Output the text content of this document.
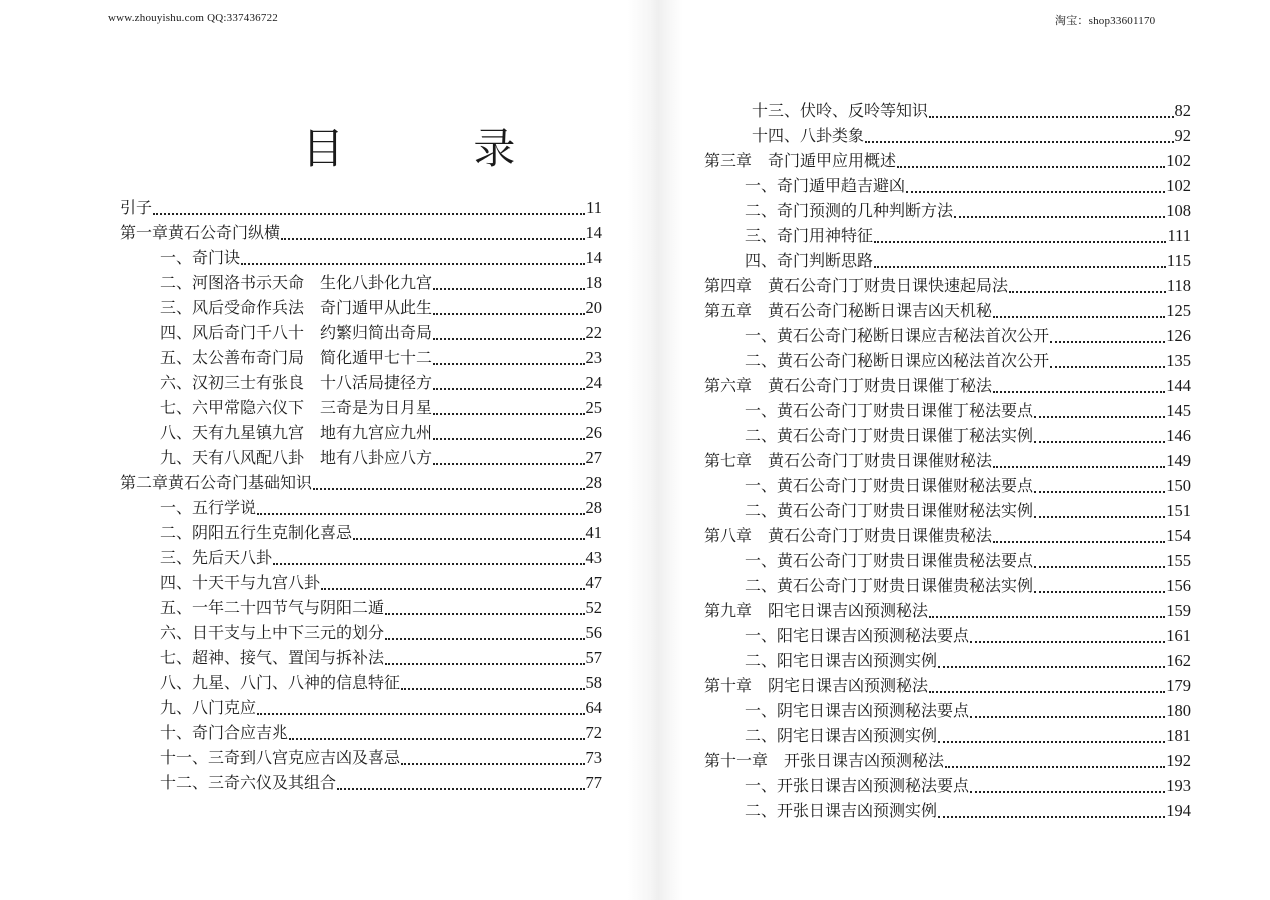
www.zhouyishu.com QQ:337436722	淘宝：shop33601170
目 录
引子	11
第一章黄石公奇门纵横	14
一、奇门诀	14
二、河图洛书示天命　生化八卦化九宫	18
三、风后受命作兵法　奇门遁甲从此生	20
四、风后奇门千八十　约繁归简出奇局	22
五、太公善布奇门局　简化遁甲七十二	23
六、汉初三士有张良　十八活局捷径方	24
七、六甲常隐六仪下　三奇是为日月星	25
八、天有九星镇九宫　地有九宫应九州	26
九、天有八风配八卦　地有八卦应八方	27
第二章黄石公奇门基础知识	28
一、五行学说	28
二、阴阳五行生克制化喜忌	41
三、先后天八卦	43
四、十天干与九宫八卦	47
五、一年二十四节气与阴阳二遁	52
六、日干支与上中下三元的划分	56
七、超神、接气、置闰与拆补法	57
八、九星、八门、八神的信息特征	58
九、八门克应	64
十、奇门合应吉兆	72
十一、三奇到八宫克应吉凶及喜忌	73
十二、三奇六仪及其组合	77
十三、伏呤、反呤等知识	82
十四、八卦类象	92
第三章　奇门遁甲应用概述	102
一、奇门遁甲趋吉避凶	102
二、奇门预测的几种判断方法	108
三、奇门用神特征	111
四、奇门判断思路	115
第四章　黄石公奇门丁财贵日课快速起局法	118
第五章　黄石公奇门秘断日课吉凶天机秘	125
一、黄石公奇门秘断日课应吉秘法首次公开	126
二、黄石公奇门秘断日课应凶秘法首次公开	135
第六章　黄石公奇门丁财贵日课催丁秘法	144
一、黄石公奇门丁财贵日课催丁秘法要点	145
二、黄石公奇门丁财贵日课催丁秘法实例	146
第七章　黄石公奇门丁财贵日课催财秘法	149
一、黄石公奇门丁财贵日课催财秘法要点	150
二、黄石公奇门丁财贵日课催财秘法实例	151
第八章　黄石公奇门丁财贵日课催贵秘法	154
一、黄石公奇门丁财贵日课催贵秘法要点	155
二、黄石公奇门丁财贵日课催贵秘法实例	156
第九章　阳宅日课吉凶预测秘法	159
一、阳宅日课吉凶预测秘法要点	161
二、阳宅日课吉凶预测实例	162
第十章　阴宅日课吉凶预测秘法	179
一、阴宅日课吉凶预测秘法要点	180
二、阴宅日课吉凶预测实例	181
第十一章　开张日课吉凶预测秘法	192
一、开张日课吉凶预测秘法要点	193
二、开张日课吉凶预测实例	194
